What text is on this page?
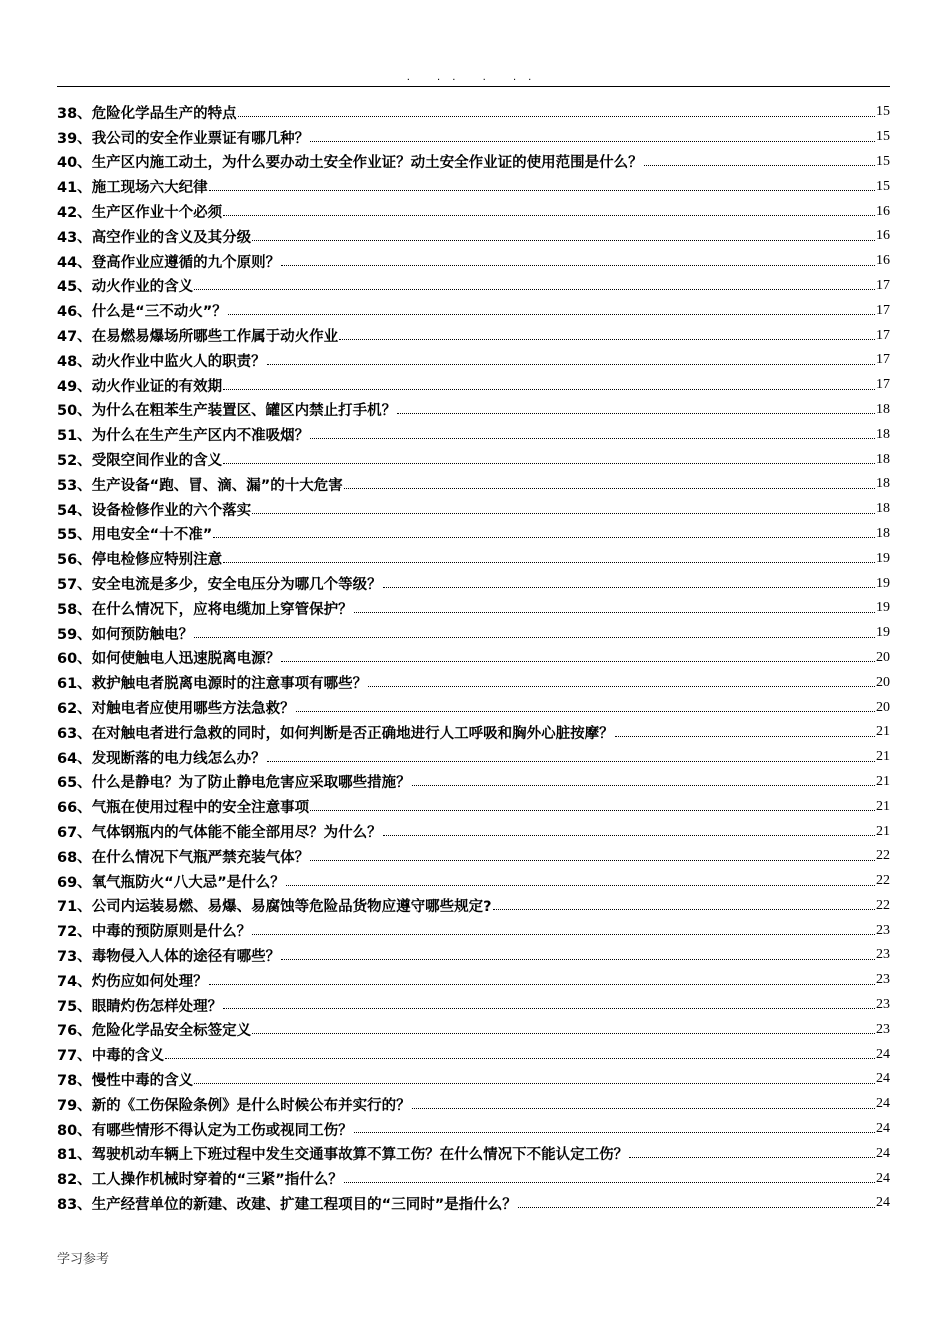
. .. . ..
38、危险化学品生产的特点	15
39、我公司的安全作业票证有哪几种？	15
40、生产区内施工动土，为什么要办动土安全作业证？动土安全作业证的使用范围是什么？	15
41、施工现场六大纪律	15
42、生产区作业十个必须	16
43、高空作业的含义及其分级	16
44、登高作业应遵循的九个原则？	16
45、动火作业的含义	17
46、什么是“三不动火”？	17
47、在易燃易爆场所哪些工作属于动火作业	17
48、动火作业中监火人的职责？	17
49、动火作业证的有效期	17
50、为什么在粗苯生产装置区、罐区内禁止打手机？	18
51、为什么在生产生产区内不准吸烟？	18
52、受限空间作业的含义	18
53、生产设备“跑、冒、滴、漏”的十大危害	18
54、设备检修作业的六个落实	18
55、用电安全“十不准”	18
56、停电检修应特别注意	19
57、安全电流是多少，安全电压分为哪几个等级？	19
58、在什么情况下，应将电缆加上穿管保护？	19
59、如何预防触电？	19
60、如何使触电人迅速脱离电源？	20
61、救护触电者脱离电源时的注意事项有哪些？	20
62、对触电者应使用哪些方法急救？	20
63、在对触电者进行急救的同时，如何判断是否正确地进行人工呼吸和胸外心脏按摩？	21
64、发现断落的电力线怎么办？	21
65、什么是静电？为了防止静电危害应采取哪些措施？	21
66、气瓶在使用过程中的安全注意事项	21
67、气体钢瓶内的气体能不能全部用尽？为什么？	21
68、在什么情况下气瓶严禁充装气体？	22
69、氧气瓶防火“八大忌”是什么？	22
71、公司内运装易燃、易爆、易腐蚀等危险品货物应遵守哪些规定?	22
72、中毒的预防原则是什么？	23
73、毒物侵入人体的途径有哪些？	23
74、灼伤应如何处理？	23
75、眼睛灼伤怎样处理？	23
76、危险化学品安全标签定义	23
77、中毒的含义	24
78、慢性中毒的含义	24
79、新的《工伤保险条例》是什么时候公布并实行的？	24
80、有哪些情形不得认定为工伤或视同工伤？	24
81、驾驶机动车辆上下班过程中发生交通事故算不算工伤？在什么情况下不能认定工伤？	24
82、工人操作机械时穿着的“三紧”指什么？	24
83、生产经营单位的新建、改建、扩建工程项目的“三同时”是指什么？	24
学习参考
